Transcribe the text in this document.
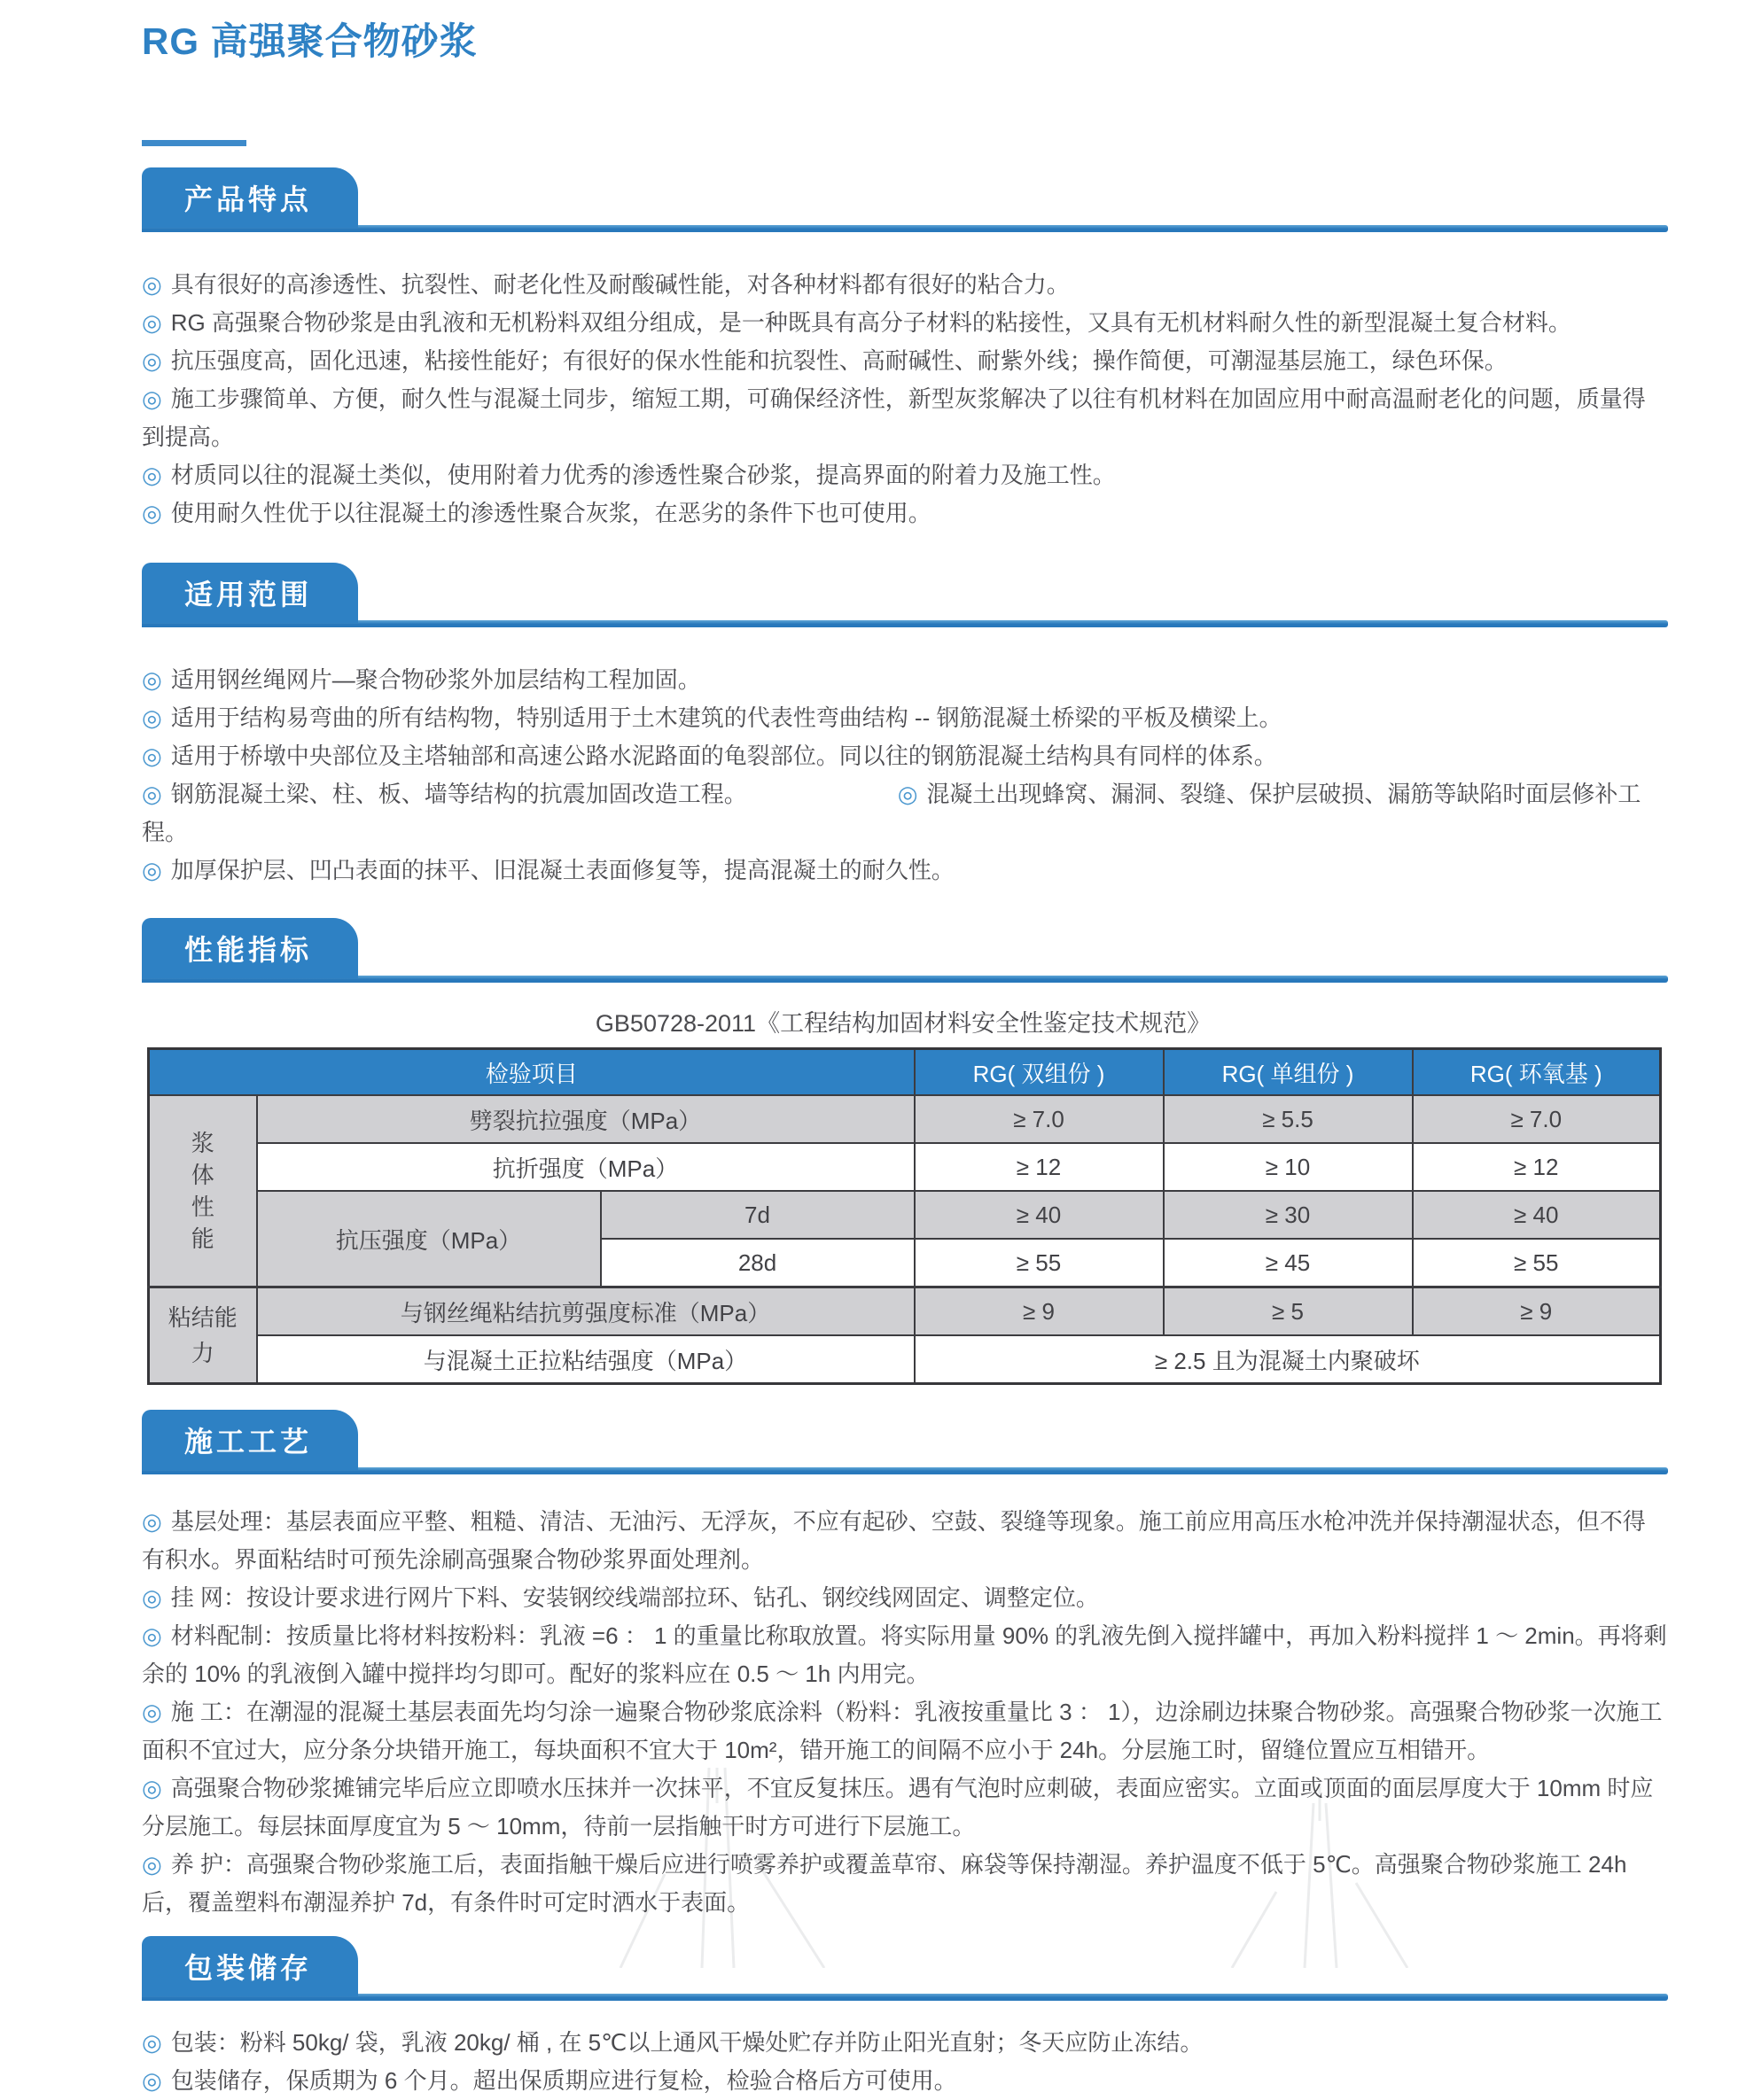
RG 高强聚合物砂浆
产品特点

◎ 具有很好的高渗透性、抗裂性、耐老化性及耐酸碱性能，对各种材料都有很好的粘合力。

◎ RG 高强聚合物砂浆是由乳液和无机粉料双组分组成，是一种既具有高分子材料的粘接性，又具有无机材料耐久性的新型混凝土复合材料。

◎ 抗压强度高，固化迅速，粘接性能好；有很好的保水性能和抗裂性、高耐碱性、耐紫外线；操作简便，可潮湿基层施工，绿色环保。

◎ 施工步骤简单、方便，耐久性与混凝土同步，缩短工期，可确保经济性，新型灰浆解决了以往有机材料在加固应用中耐高温耐老化的问题，质量得到提高。

◎ 材质同以往的混凝土类似，使用附着力优秀的渗透性聚合砂浆，提高界面的附着力及施工性。

◎ 使用耐久性优于以往混凝土的渗透性聚合灰浆，在恶劣的条件下也可使用。

适用范围

◎ 适用钢丝绳网片—聚合物砂浆外加层结构工程加固。

◎ 适用于结构易弯曲的所有结构物，特别适用于土木建筑的代表性弯曲结构 -- 钢筋混凝土桥梁的平板及横梁上。

◎ 适用于桥墩中央部位及主塔轴部和高速公路水泥路面的龟裂部位。同以往的钢筋混凝土结构具有同样的体系。

◎ 钢筋混凝土梁、柱、板、墙等结构的抗震加固改造工程。	◎ 混凝土出现蜂窝、漏洞、裂缝、保护层破损、漏筋等缺陷时面层修补工程。

◎ 加厚保护层、凹凸表面的抹平、旧混凝土表面修复等，提高混凝土的耐久性。

性能指标
GB50728-2011《工程结构加固材料安全性鉴定技术规范》
检验项目			RG( 双组份 )	RG( 单组份 )	RG( 环氧基 )
浆体性能	劈裂抗拉强度（MPa）		≥ 7.0	≥ 5.5	≥ 7.0
	抗折强度（MPa）		≥ 12	≥ 10	≥ 12
	抗压强度（MPa）	7d	≥ 40	≥ 30	≥ 40
		28d	≥ 55	≥ 45	≥ 55
粘结能力	与钢丝绳粘结抗剪强度标准（MPa）		≥ 9	≥ 5	≥ 9
	与混凝土正拉粘结强度（MPa）		≥ 2.5 且为混凝土内聚破坏		
施工工艺

◎ 基层处理：基层表面应平整、粗糙、清洁、无油污、无浮灰，不应有起砂、空鼓、裂缝等现象。施工前应用高压水枪冲洗并保持潮湿状态，但不得有积水。界面粘结时可预先涂刷高强聚合物砂浆界面处理剂。

◎ 挂 网：按设计要求进行网片下料、安装钢绞线端部拉环、钻孔、钢绞线网固定、调整定位。

◎ 材料配制：按质量比将材料按粉料：乳液 =6 ： 1 的重量比称取放置。将实际用量 90% 的乳液先倒入搅拌罐中，再加入粉料搅拌 1 ～ 2min。再将剩余的 10% 的乳液倒入罐中搅拌均匀即可。配好的浆料应在 0.5 ～ 1h 内用完。

◎ 施 工：在潮湿的混凝土基层表面先均匀涂一遍聚合物砂浆底涂料（粉料：乳液按重量比 3 ： 1），边涂刷边抹聚合物砂浆。高强聚合物砂浆一次施工面积不宜过大，应分条分块错开施工，每块面积不宜大于 10m²，错开施工的间隔不应小于 24h。分层施工时，留缝位置应互相错开。

◎ 高强聚合物砂浆摊铺完毕后应立即喷水压抹并一次抹平，不宜反复抹压。遇有气泡时应刺破，表面应密实。立面或顶面的面层厚度大于 10mm 时应分层施工。每层抹面厚度宜为 5 ～ 10mm，待前一层指触干时方可进行下层施工。

◎ 养 护：高强聚合物砂浆施工后，表面指触干燥后应进行喷雾养护或覆盖草帘、麻袋等保持潮湿。养护温度不低于 5℃。高强聚合物砂浆施工 24h 后，覆盖塑料布潮湿养护 7d，有条件时可定时洒水于表面。

包装储存

◎ 包装：粉料 50kg/ 袋，乳液 20kg/ 桶 , 在 5℃以上通风干燥处贮存并防止阳光直射；冬天应防止冻结。

◎ 包装储存，保质期为 6 个月。超出保质期应进行复检，检验合格后方可使用。
